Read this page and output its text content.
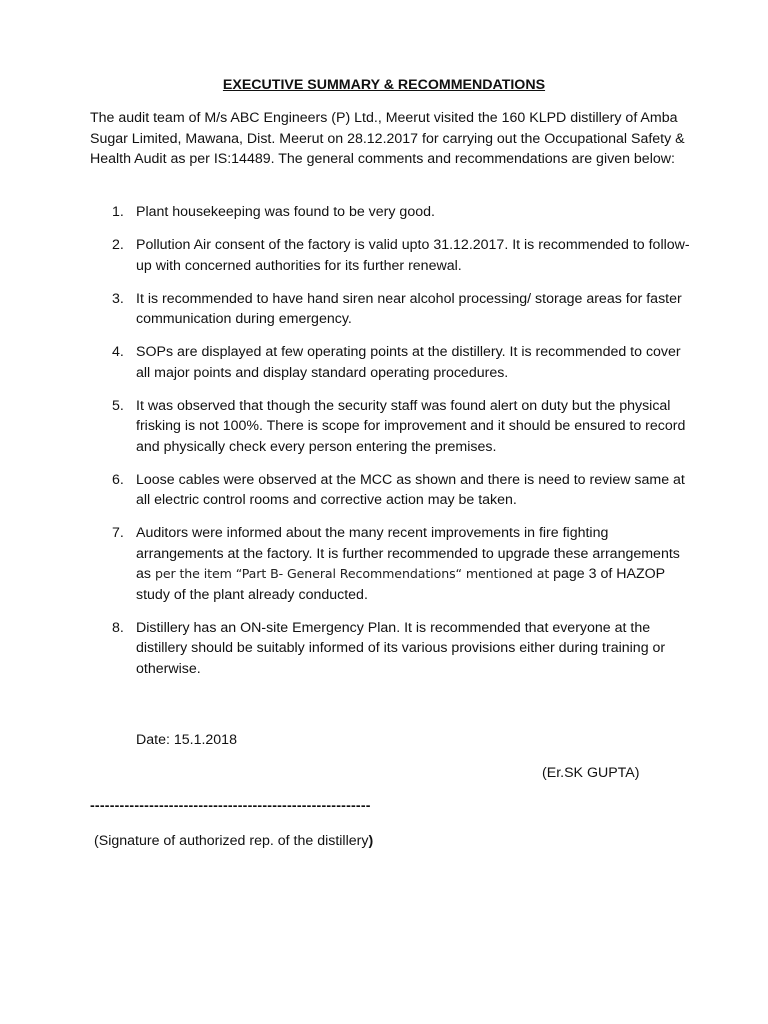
EXECUTIVE SUMMARY & RECOMMENDATIONS
The audit team of M/s ABC Engineers (P) Ltd., Meerut visited the 160 KLPD distillery of Amba Sugar Limited, Mawana, Dist. Meerut on 28.12.2017 for carrying out the Occupational Safety & Health Audit as per IS:14489. The general comments and recommendations are given below:
1. Plant housekeeping was found to be very good.
2. Pollution Air consent of the factory is valid upto 31.12.2017. It is recommended to follow-up with concerned authorities for its further renewal.
3. It is recommended to have hand siren near alcohol processing/ storage areas for faster communication during emergency.
4. SOPs are displayed at few operating points at the distillery. It is recommended to cover all major points and display standard operating procedures.
5. It was observed that though the security staff was found alert on duty but the physical frisking is not 100%. There is scope for improvement and it should be ensured to record and physically check every person entering the premises.
6. Loose cables were observed at the MCC as shown and there is need to review same at all electric control rooms and corrective action may be taken.
7. Auditors were informed about the many recent improvements in fire fighting arrangements at the factory. It is further recommended to upgrade these arrangements as per the item “Part B- General Recommendations“ mentioned at page 3 of HAZOP study of the plant already conducted.
8. Distillery has an ON-site Emergency Plan. It is recommended that everyone at the distillery should be suitably informed of its various provisions either during training or otherwise.
Date: 15.1.2018
(Er.SK GUPTA)
---------------------------------------------------------
(Signature of authorized rep. of the distillery)
